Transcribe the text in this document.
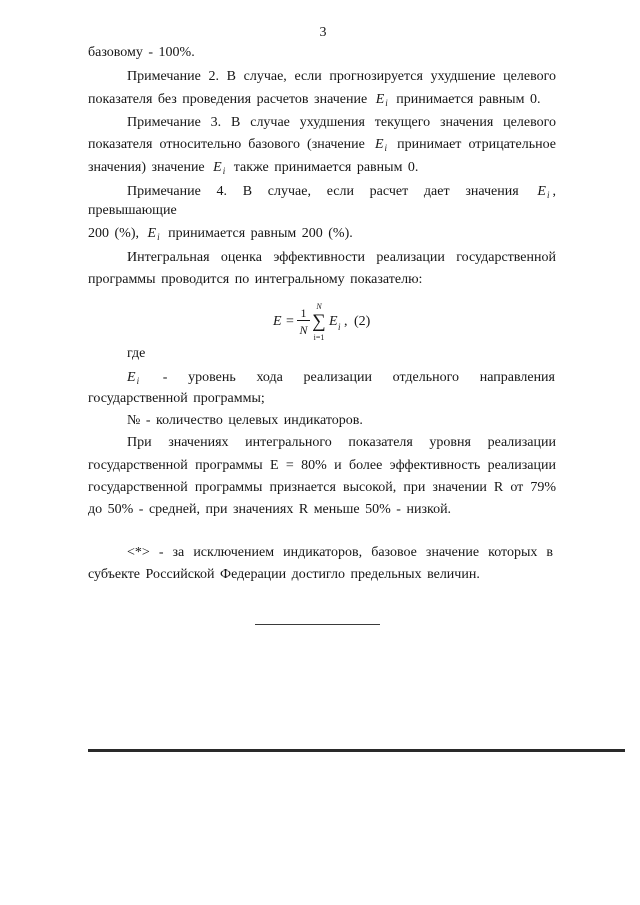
3
базовому - 100%.
Примечание 2. В случае, если прогнозируется ухудшение целевого
показателя без проведения расчетов значение $E_i$ принимается равным 0.
Примечание 3. В случае ухудшения текущего значения целевого
показателя относительно базового (значение $E_i$ принимает отрицательное
значения) значение $E_i$ также принимается равным 0.
Примечание 4. В случае, если расчет дает значения $E_i$ ,
превышающие
200 (%), $E_i$ принимается равным 200 (%).
Интегральная оценка эффективности реализации государственной
программы проводится по интегральному показателю:
E =
1
N
N
∑
i=1
E i , (2)
где
$E_i$ - уровень хода реализации отдельного направления
государственной программы;
№ - количество целевых индикаторов.
При значениях интегрального показателя уровня реализации
государственной программы E = 80% и более эффективность реализации
государственной программы признается высокой, при значении R от 79%
до 50% - средней, при значениях R меньше 50% - низкой.
<*> - за исключением индикаторов, базовое значение которых в
субъекте Российской Федерации достигло предельных величин.
